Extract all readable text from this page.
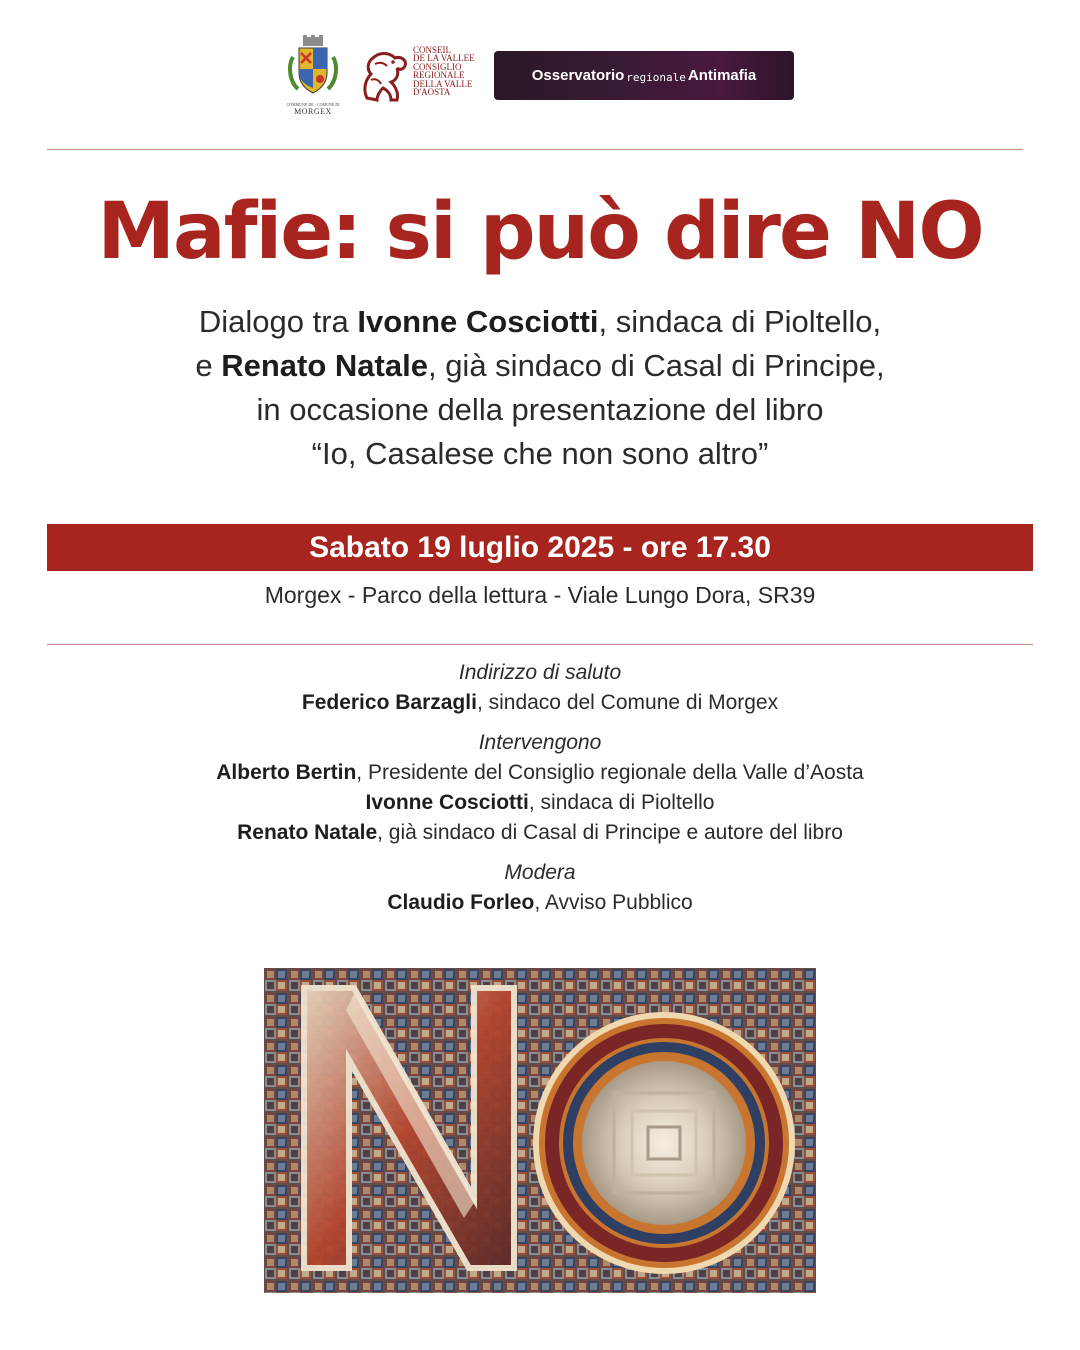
COMMUNE DE · COMUNE DI
MORGEX
CONSEIL
DE LA VALLEE
CONSIGLIO
REGIONALE
DELLA VALLE
D'AOSTA
Osservatorio regionale Antimafia
Mafie: si può dire NO
Dialogo tra Ivonne Cosciotti, sindaca di Pioltello,
e Renato Natale, già sindaco di Casal di Principe,
in occasione della presentazione del libro
“Io, Casalese che non sono altro”
Sabato 19 luglio 2025 - ore 17.30
Morgex - Parco della lettura - Viale Lungo Dora, SR39
Indirizzo di saluto
Federico Barzagli, sindaco del Comune di Morgex
Intervengono
Alberto Bertin, Presidente del Consiglio regionale della Valle d’Aosta
Ivonne Cosciotti, sindaca di Pioltello
Renato Natale, già sindaco di Casal di Principe e autore del libro
Modera
Claudio Forleo, Avviso Pubblico
